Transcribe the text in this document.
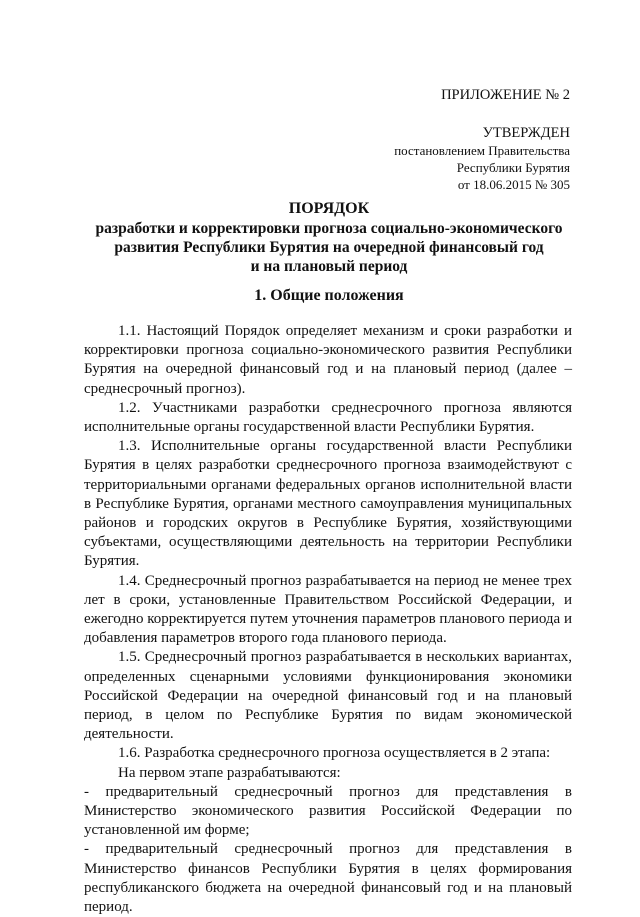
ПРИЛОЖЕНИЕ № 2
УТВЕРЖДЕН
постановлением Правительства
Республики Бурятия
от 18.06.2015 № 305
ПОРЯДОК
разработки и корректировки прогноза социально-экономического
развития Республики Бурятия на очередной финансовый год
и на плановый период
1. Общие положения

1.1. Настоящий Порядок определяет механизм и сроки разработки и корректировки прогноза социально-экономического развития Республики Бурятия на очередной финансовый год и на плановый период (далее – среднесрочный прогноз).

1.2. Участниками разработки среднесрочного прогноза являются исполнительные органы государственной власти Республики Бурятия.

1.3. Исполнительные органы государственной власти Республики Бурятия в целях разработки среднесрочного прогноза взаимодействуют с территориальными органами федеральных органов исполнительной власти в Республике Бурятия, органами местного самоуправления муниципальных районов и городских округов в Республике Бурятия, хозяйствующими субъектами, осуществляющими деятельность на территории Республики Бурятия.

1.4. Среднесрочный прогноз разрабатывается на период не менее трех лет в сроки, установленные Правительством Российской Федерации, и ежегодно корректируется путем уточнения параметров планового периода и добавления параметров второго года планового периода.

1.5. Среднесрочный прогноз разрабатывается в нескольких вариантах, определенных сценарными условиями функционирования экономики Российской Федерации на очередной финансовый год и на плановый период, в целом по Республике Бурятия по видам экономической деятельности.

1.6. Разработка среднесрочного прогноза осуществляется в 2 этапа:

На первом этапе разрабатываются:

- предварительный среднесрочный прогноз для представления в Министерство экономического развития Российской Федерации по установленной им форме;

- предварительный среднесрочный прогноз для представления в Министерство финансов Республики Бурятия в целях формирования республиканского бюджета на очередной финансовый год и на плановый период.
